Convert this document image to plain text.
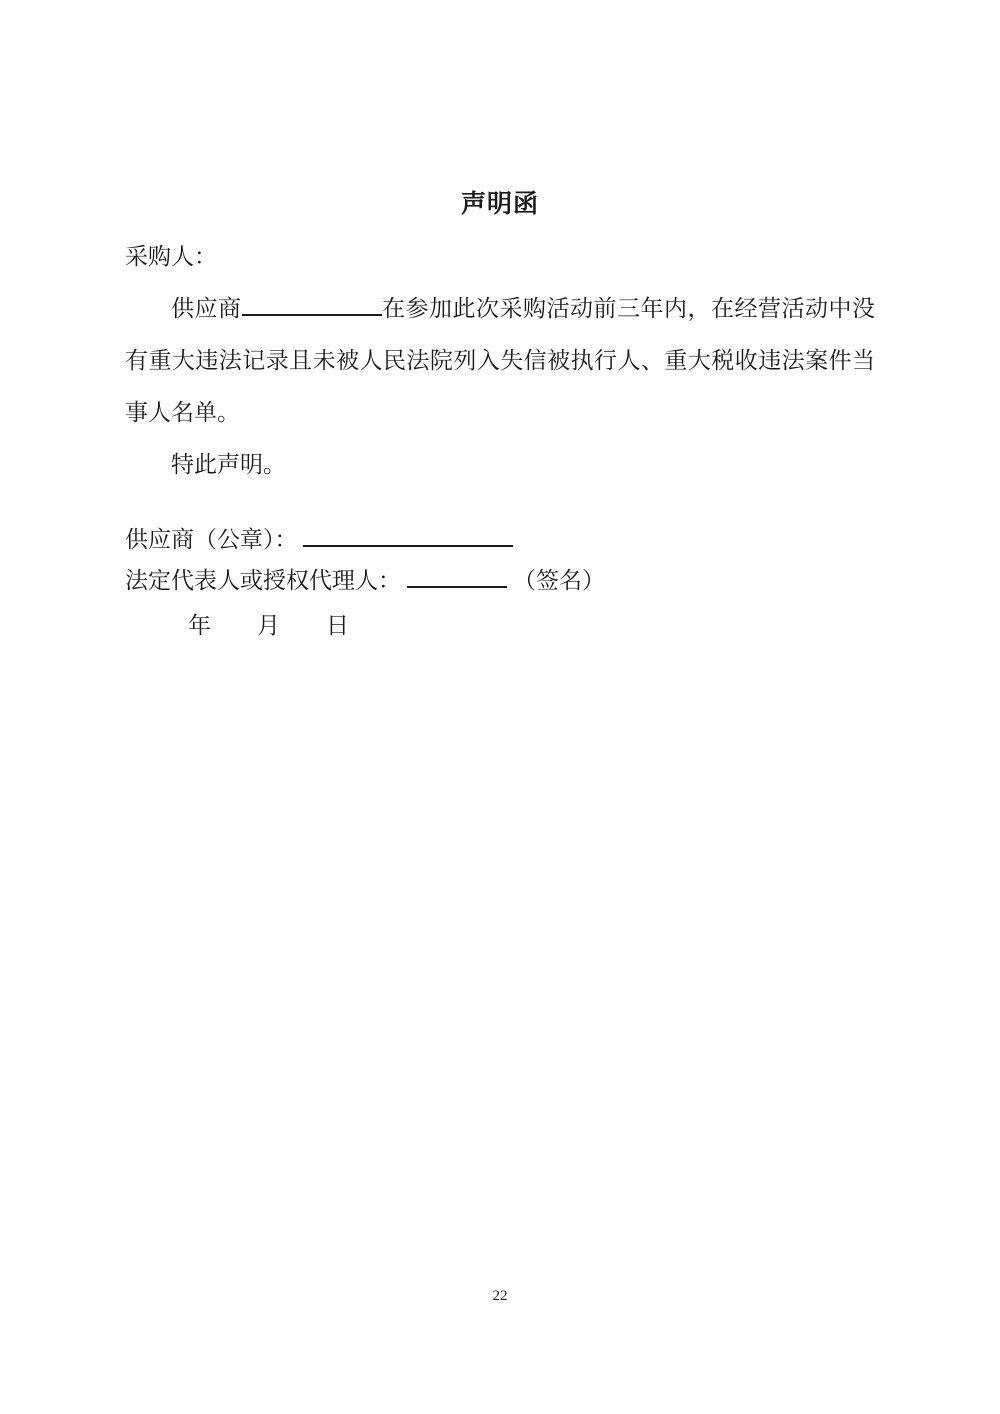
声明函

采购人：

供应商	在参加此次采购活动前三年内，在经营活动中没有重大违法记录且未被人民法院列入失信被执行人、重大税收违法案件当事人名单。

特此声明。

供应商（公章）：

法定代表人或授权代理人：	（签名）

年　　月　　日

22
